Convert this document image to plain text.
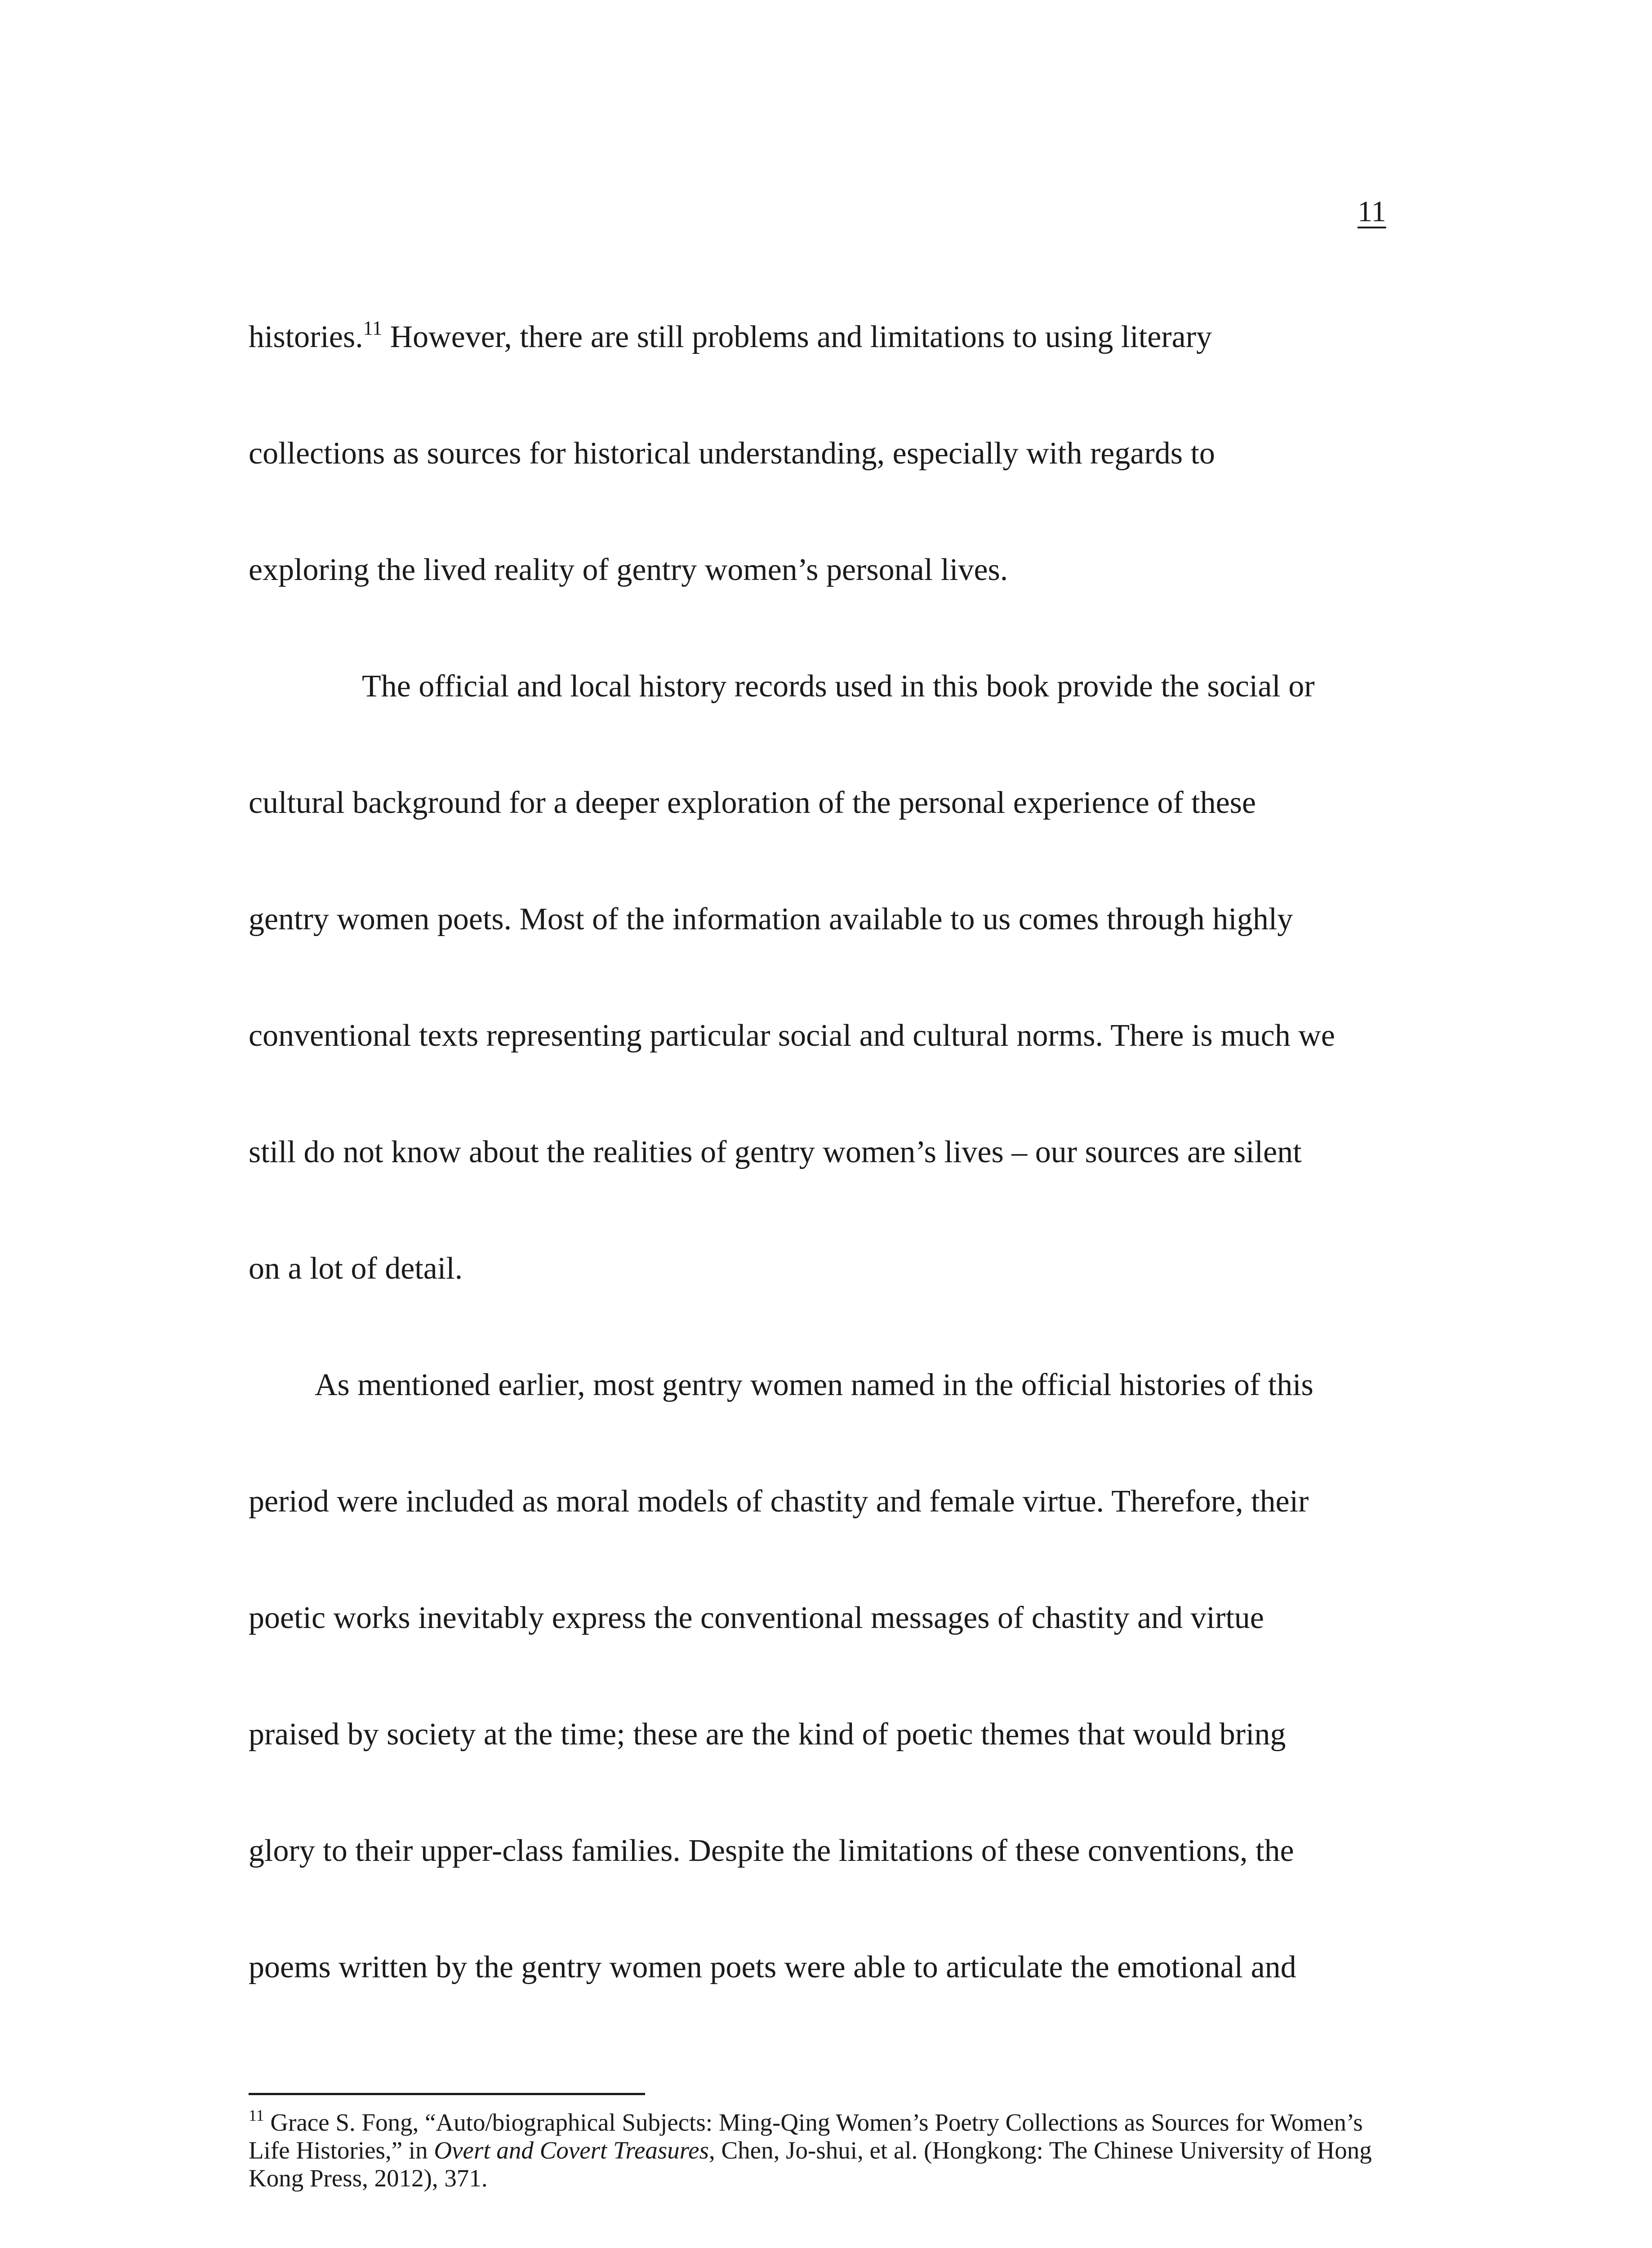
11
histories.$^{11}$ However, there are still problems and limitations to using literary
collections as sources for historical understanding, especially with regards to
exploring the lived reality of gentry women’s personal lives.
The official and local history records used in this book provide the social or
cultural background for a deeper exploration of the personal experience of these
gentry women poets. Most of the information available to us comes through highly
conventional texts representing particular social and cultural norms. There is much we
still do not know about the realities of gentry women’s lives – our sources are silent
on a lot of detail.
As mentioned earlier, most gentry women named in the official histories of this
period were included as moral models of chastity and female virtue. Therefore, their
poetic works inevitably express the conventional messages of chastity and virtue
praised by society at the time; these are the kind of poetic themes that would bring
glory to their upper-class families. Despite the limitations of these conventions, the
poems written by the gentry women poets were able to articulate the emotional and
$^{11}$ Grace S. Fong, “Auto/biographical Subjects: Ming-Qing Women’s Poetry Collections as Sources for Women’s
Life Histories,” in Overt and Covert Treasures, Chen, Jo-shui, et al. (Hongkong: The Chinese University of Hong
Kong Press, 2012), 371.
